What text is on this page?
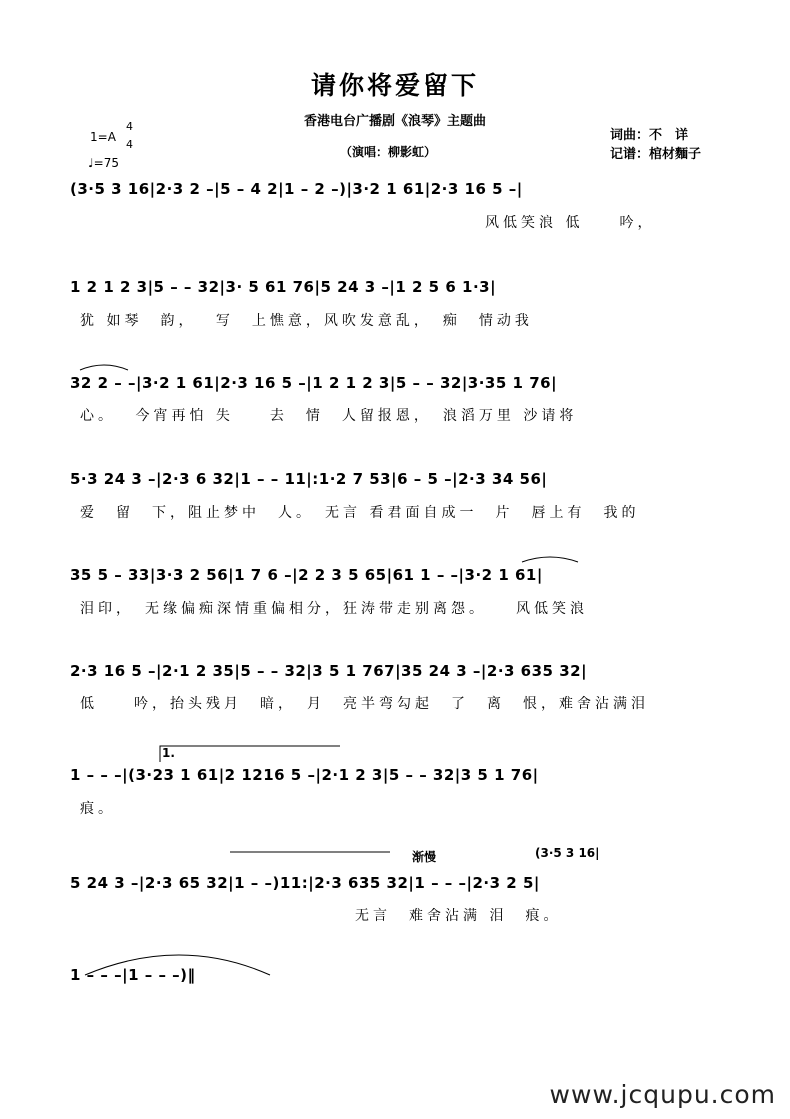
请你将爱留下
香港电台广播剧《浪琴》主题曲
（演唱：柳影虹）
词曲：不　详
记谱：棺材麵子
1=A
4
4
♩=75
(3·5 3 16|2·3 2 –|5 – 4 2|1 – 2 –)|3·2 1 61|2·3 16 5 –|
风低笑浪 低　　吟，
1 2 1 2 3|5 – – 32|3· 5 61 76|5 24 3 –|1 2 5 6 1·3|
犹 如琴　韵，　 写　上憔意，风吹发意乱，　痴　情动我
32 2 – –|3·2 1 61|2·3 16 5 –|1 2 1 2 3|5 – – 32|3·35 1 76|
心。　 今宵再怕 失　　去　情　人留报恩，　浪滔万里 沙请将
5·3 24 3 –|2·3 6 32|1 – – 11|:1·2 7 53|6 – 5 –|2·3 34 56|
爱　留　下，阻止梦中　人。　无言 看君面自成一　片　唇上有　我的
35 5 – 33|3·3 2 56|1 7 6 –|2 2 3 5 65|61 1 – –|3·2 1 61|
泪印，　无缘偏痴深情重偏相分，狂涛带走别离怨。　　风低笑浪
2·3 16 5 –|2·1 2 35|5 – – 32|3 5 1 767|35 24 3 –|2·3 635 32|
低　　吟，抬头残月　暗，　月　亮半弯勾起　了　离　恨，难舍沾满泪
1.
1 – – –|(3·23 1 61|2 1216 5 –|2·1 2 3|5 – – 32|3 5 1 76|
痕。
渐慢	(3·5 3 16|
5 24 3 –|2·3 65 32|1 – –)11:|2·3 635 32|1 – – –|2·3 2 5|
无言　难舍沾满 泪　痕。
1 – – –|1 – – –)‖
www.jcqupu.com
